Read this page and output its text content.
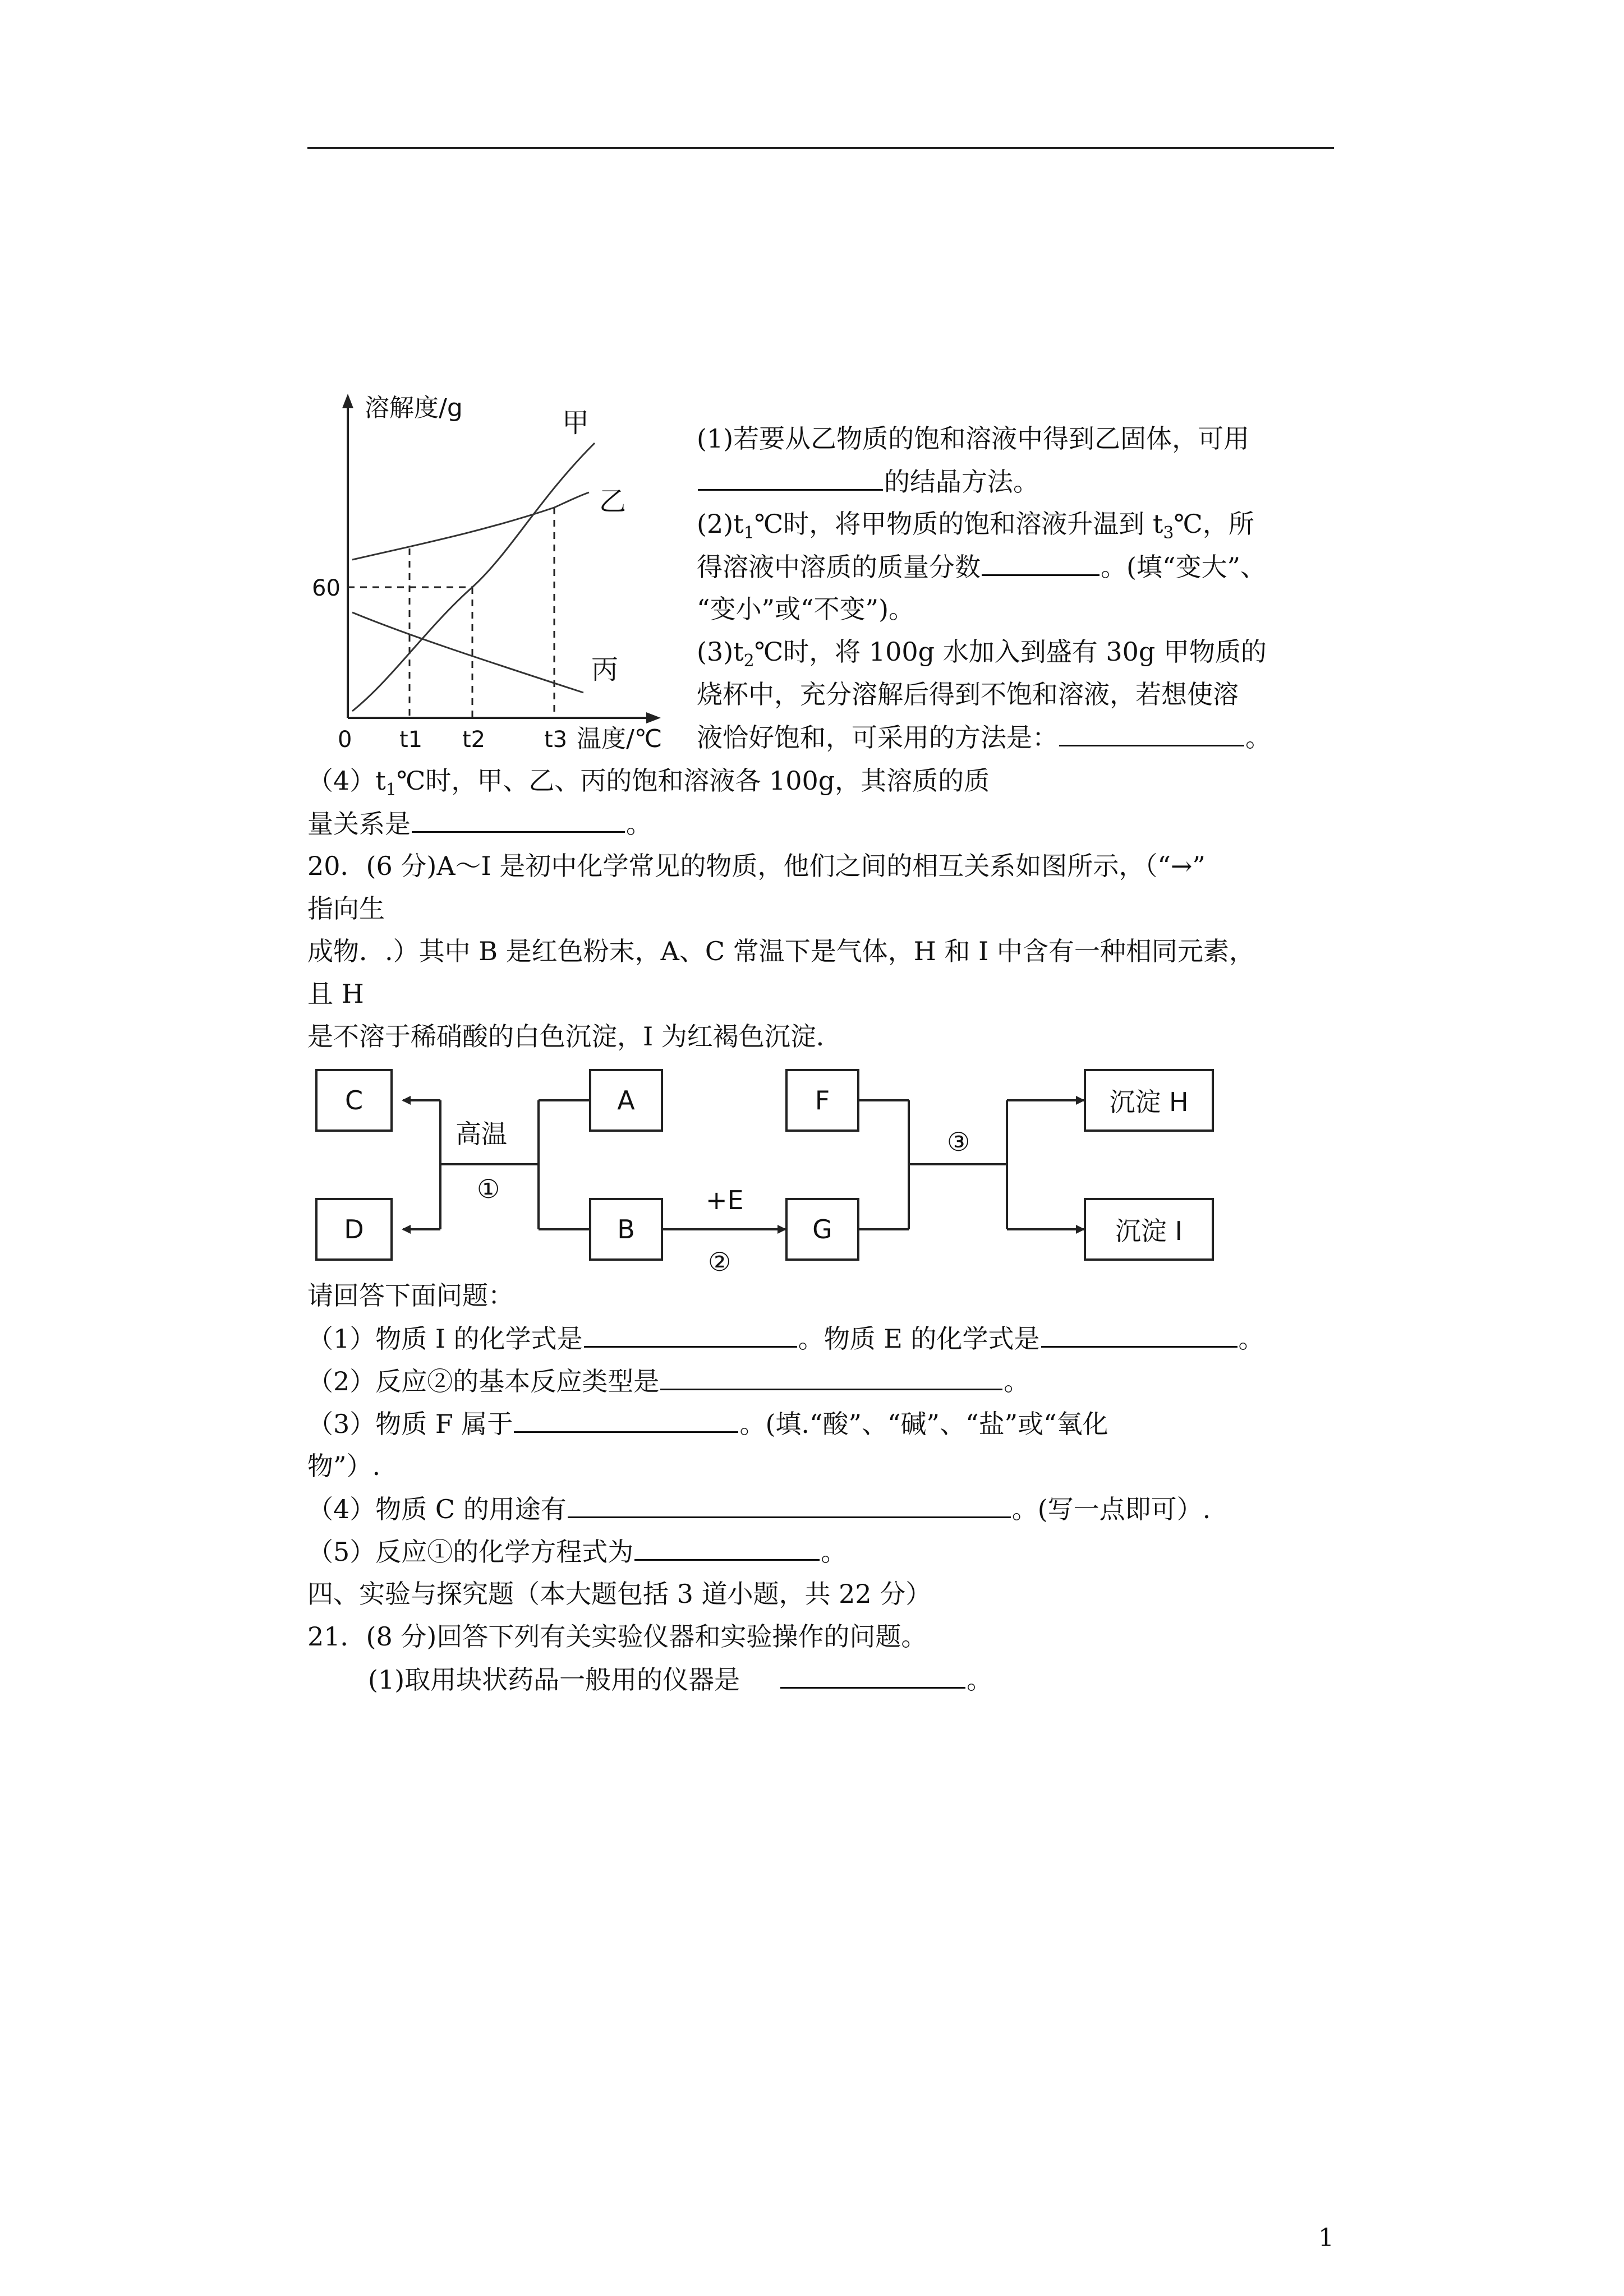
溶解度/g
温度/℃
0
60
t1 t2	t3
甲
乙
丙
(1)若要从乙物质的饱和溶液中得到乙固体，可用
的结晶方法。
$(2)t_1℃$时，将甲物质的饱和溶液升温到 $t_3℃$，所
得溶液中溶质的质量分数	。(填“变大”、
“变小”或“不变”)。
$(3)t_2℃$时，将 100g 水加入到盛有 30g 甲物质的
烧杯中，充分溶解后得到不饱和溶液，若想使溶
液恰好饱和，可采用的方法是：	。
$(4)t_1℃$时，甲、乙、丙的饱和溶液各 100g，其溶质的质
量关系是	。
20．(6 分)A～I 是初中化学常见的物质，他们之间的相互关系如图所示，（“→”
指向生
成物．.）其中 B 是红色粉末，A、C 常温下是气体，H 和 I 中含有一种相同元素，
且 H
是不溶于稀硝酸的白色沉淀，I 为红褐色沉淀．
C
D
A
B
F
G
沉淀 H
沉淀 I
高温
①	+E
②
③
请回答下面问题：
（1）物质 I 的化学式是	。物质 E 的化学式是	。
（2）反应②的基本反应类型是	。
（3）物质 F 属于	。(填.“酸”、“碱”、“盐”或“氧化
物”）.
（4）物质 C 的用途有	。(写一点即可）.
（5）反应①的化学方程式为	。
四、实验与探究题（本大题包括 3 道小题，共 22 分）
21．(8 分)回答下列有关实验仪器和实验操作的问题。
(1)取用块状药品一般用的仪器是	。
1
